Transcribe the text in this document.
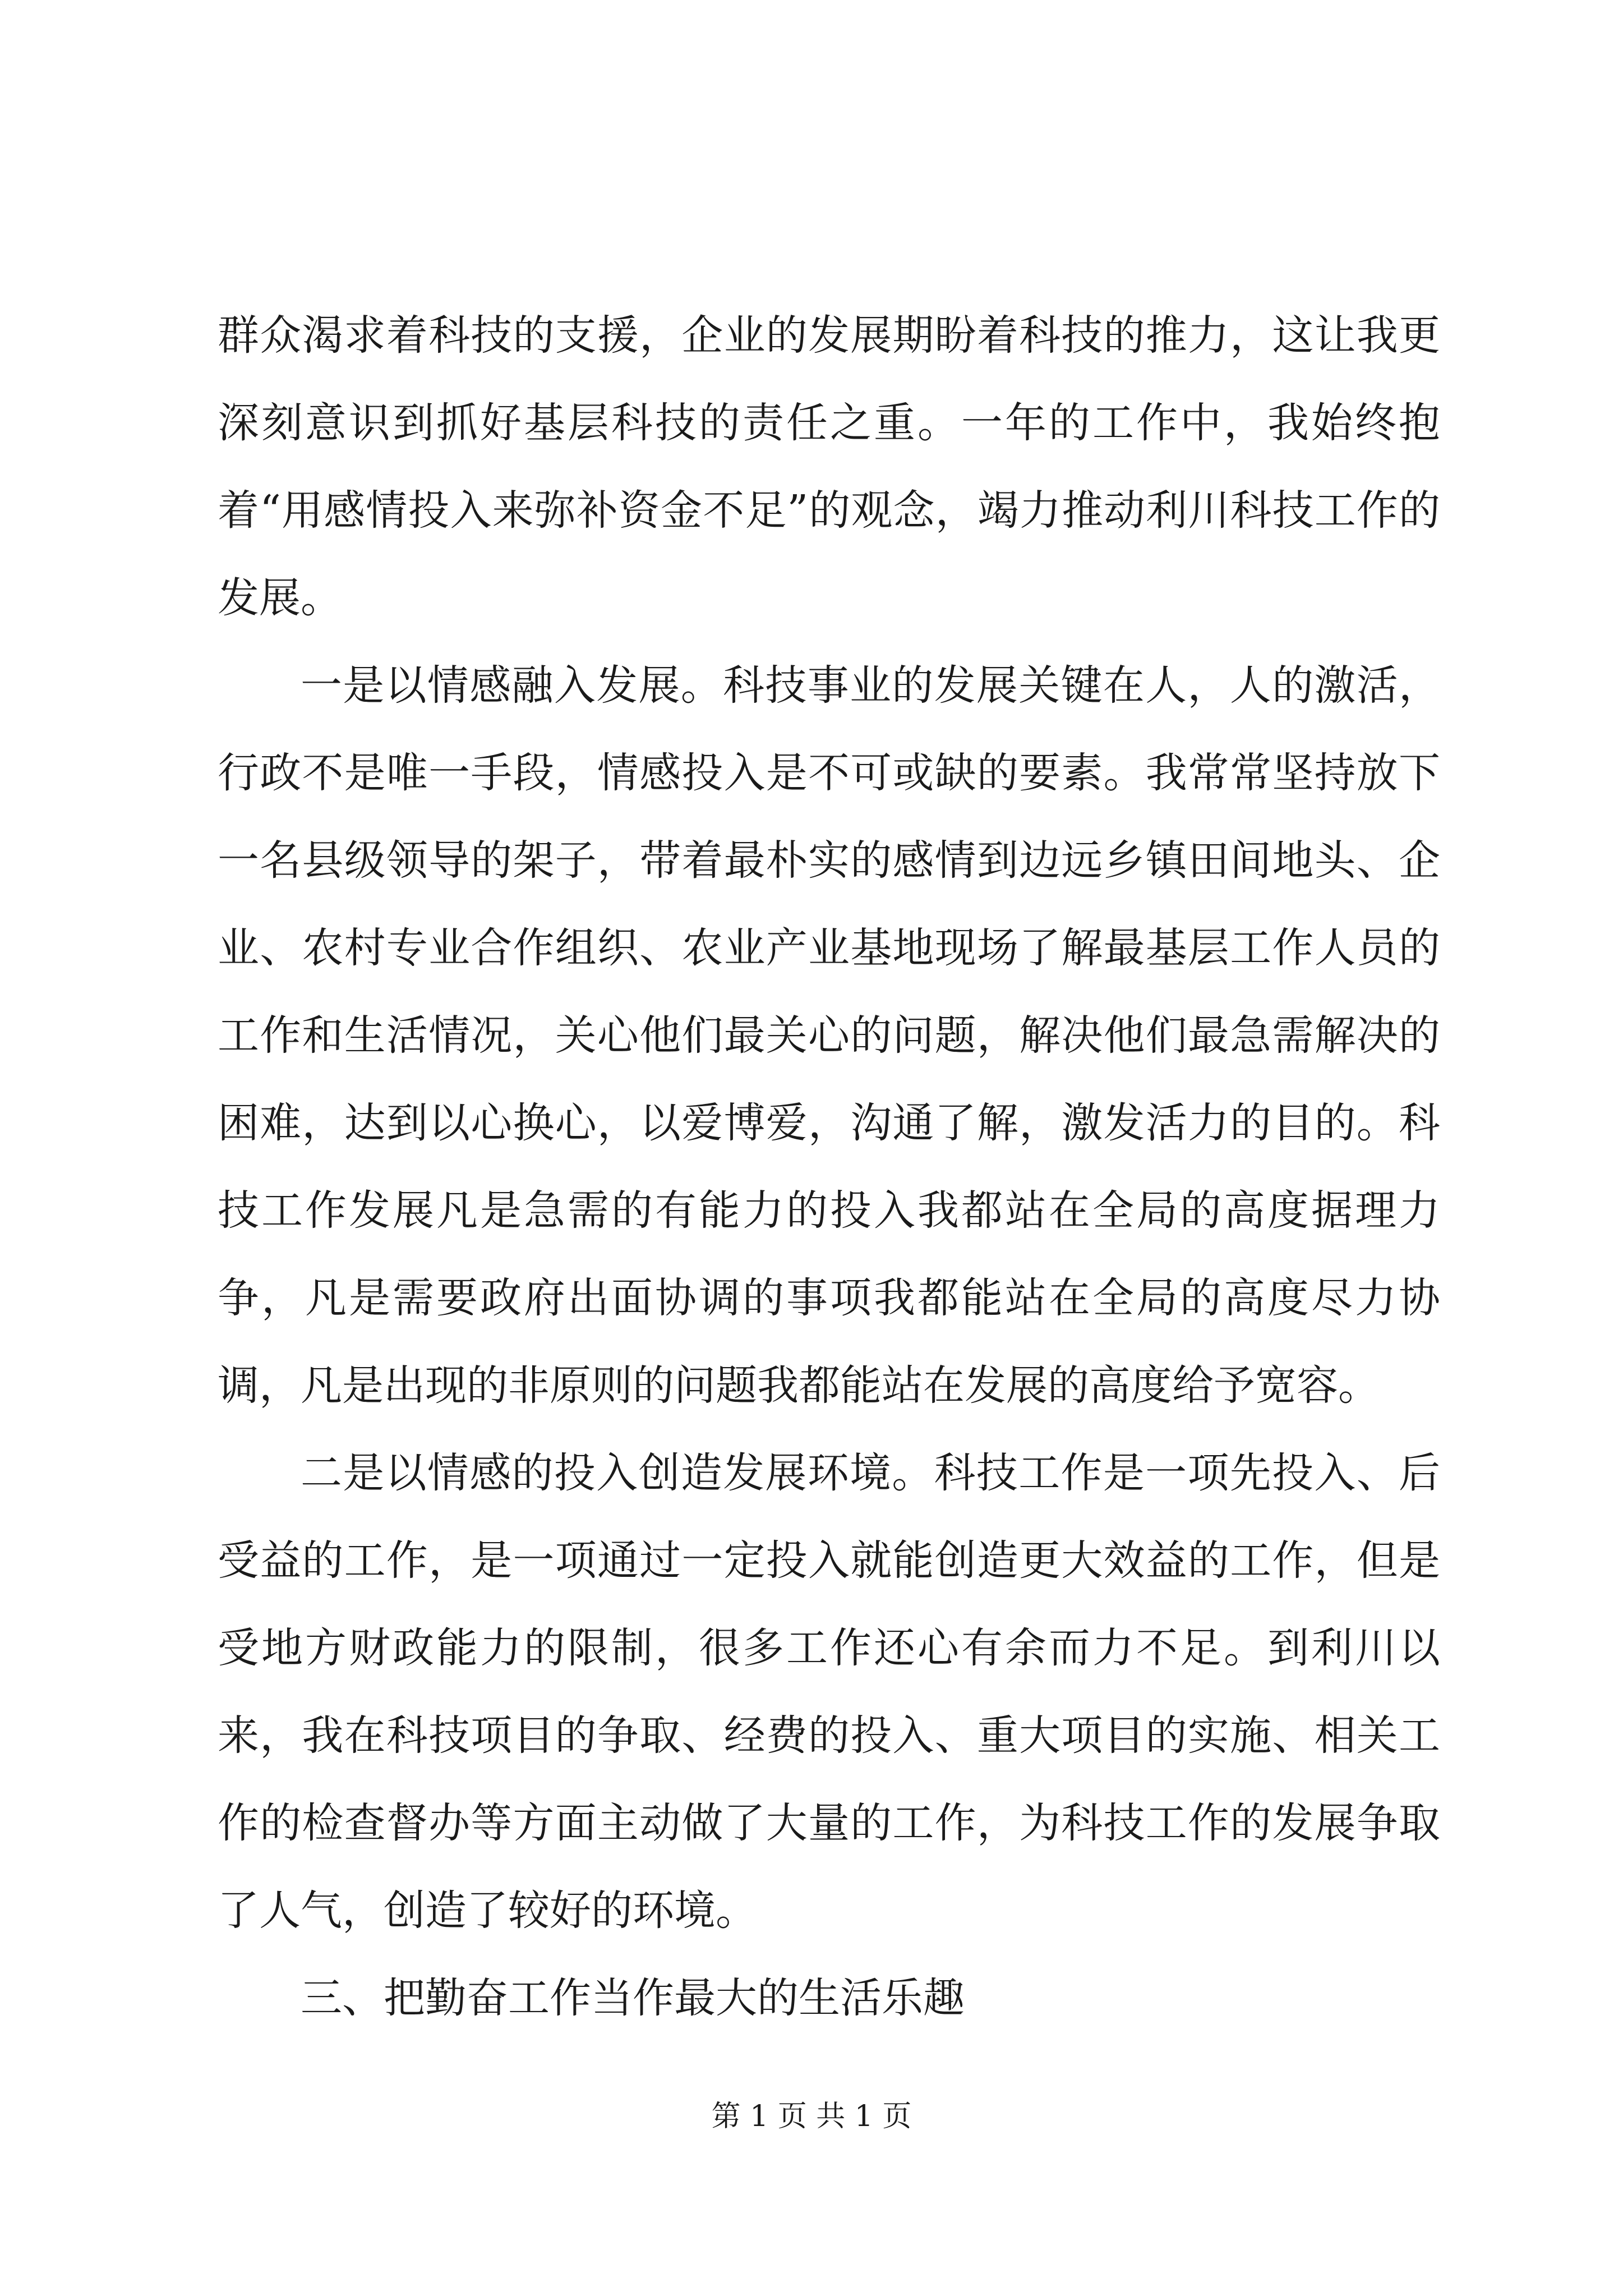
群众渴求着科技的支援，企业的发展期盼着科技的推力，这让我更深刻意识到抓好基层科技的责任之重。一年的工作中，我始终抱着“用感情投入来弥补资金不足”的观念，竭力推动利川科技工作的发展。

一是以情感融入发展。科技事业的发展关键在人，人的激活，行政不是唯一手段，情感投入是不可或缺的要素。我常常坚持放下一名县级领导的架子，带着最朴实的感情到边远乡镇田间地头、企业、农村专业合作组织、农业产业基地现场了解最基层工作人员的工作和生活情况，关心他们最关心的问题，解决他们最急需解决的困难，达到以心换心，以爱博爱，沟通了解，激发活力的目的。科技工作发展凡是急需的有能力的投入我都站在全局的高度据理力争，凡是需要政府出面协调的事项我都能站在全局的高度尽力协调，凡是出现的非原则的问题我都能站在发展的高度给予宽容。

二是以情感的投入创造发展环境。科技工作是一项先投入、后受益的工作，是一项通过一定投入就能创造更大效益的工作，但是受地方财政能力的限制，很多工作还心有余而力不足。到利川以来，我在科技项目的争取、经费的投入、重大项目的实施、相关工作的检查督办等方面主动做了大量的工作，为科技工作的发展争取了人气，创造了较好的环境。

三、把勤奋工作当作最大的生活乐趣

第 1 页 共 1 页
